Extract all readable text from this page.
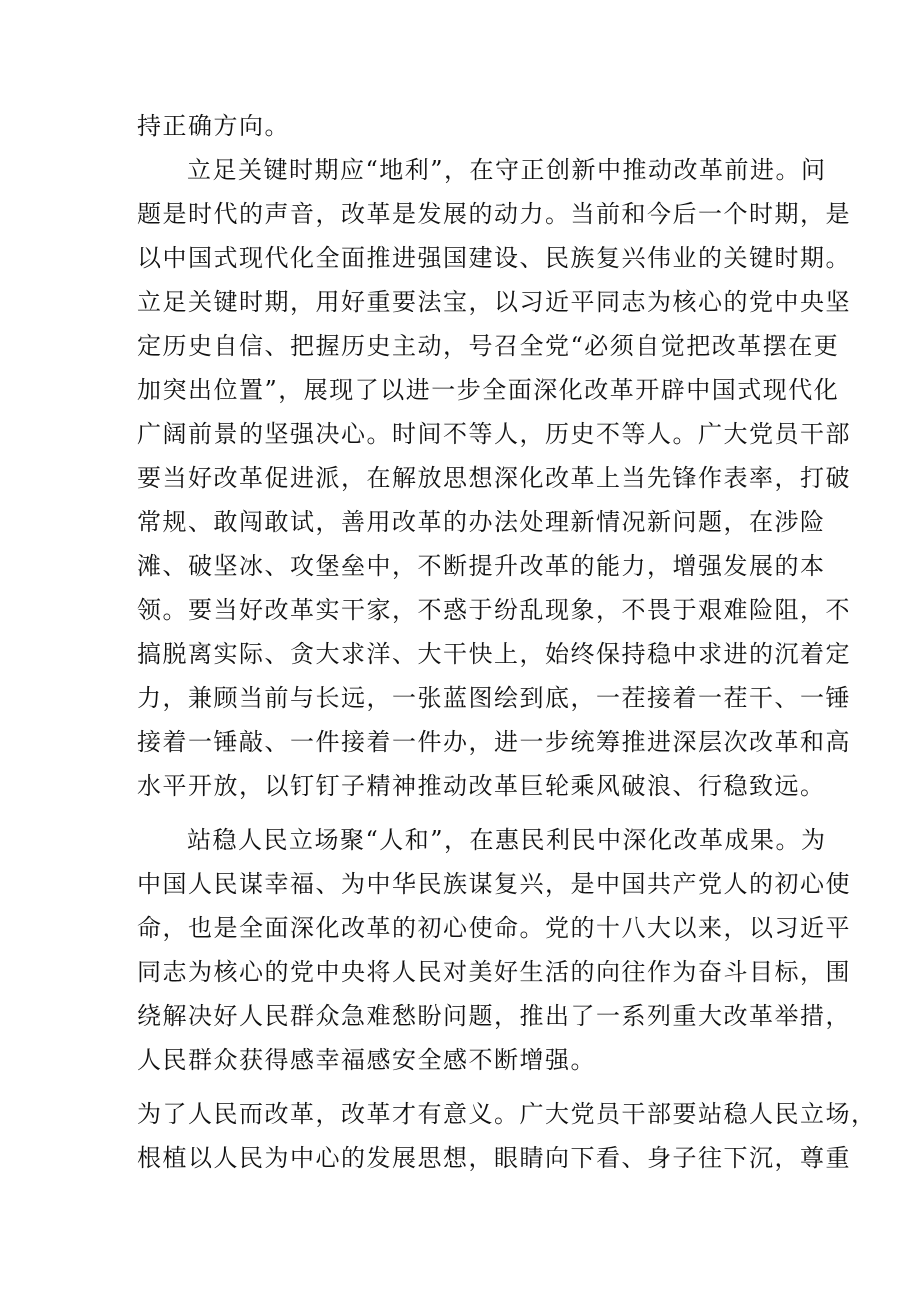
持正确方向。
立足关键时期应“地利”，在守正创新中推动改革前进。问
题是时代的声音，改革是发展的动力。当前和今后一个时期，是
以中国式现代化全面推进强国建设、民族复兴伟业的关键时期。
立足关键时期，用好重要法宝，以习近平同志为核心的党中央坚
定历史自信、把握历史主动，号召全党“必须自觉把改革摆在更
加突出位置”，展现了以进一步全面深化改革开辟中国式现代化
广阔前景的坚强决心。时间不等人，历史不等人。广大党员干部
要当好改革促进派，在解放思想深化改革上当先锋作表率，打破
常规、敢闯敢试，善用改革的办法处理新情况新问题，在涉险
滩、破坚冰、攻堡垒中，不断提升改革的能力，增强发展的本
领。要当好改革实干家，不惑于纷乱现象，不畏于艰难险阻，不
搞脱离实际、贪大求洋、大干快上，始终保持稳中求进的沉着定
力，兼顾当前与长远，一张蓝图绘到底，一茬接着一茬干、一锤
接着一锤敲、一件接着一件办，进一步统筹推进深层次改革和高
水平开放，以钉钉子精神推动改革巨轮乘风破浪、行稳致远。
站稳人民立场聚“人和”，在惠民利民中深化改革成果。为
中国人民谋幸福、为中华民族谋复兴，是中国共产党人的初心使
命，也是全面深化改革的初心使命。党的十八大以来，以习近平
同志为核心的党中央将人民对美好生活的向往作为奋斗目标，围
绕解决好人民群众急难愁盼问题，推出了一系列重大改革举措，
人民群众获得感幸福感安全感不断增强。
为了人民而改革，改革才有意义。广大党员干部要站稳人民立场，
根植以人民为中心的发展思想，眼睛向下看、身子往下沉，尊重
